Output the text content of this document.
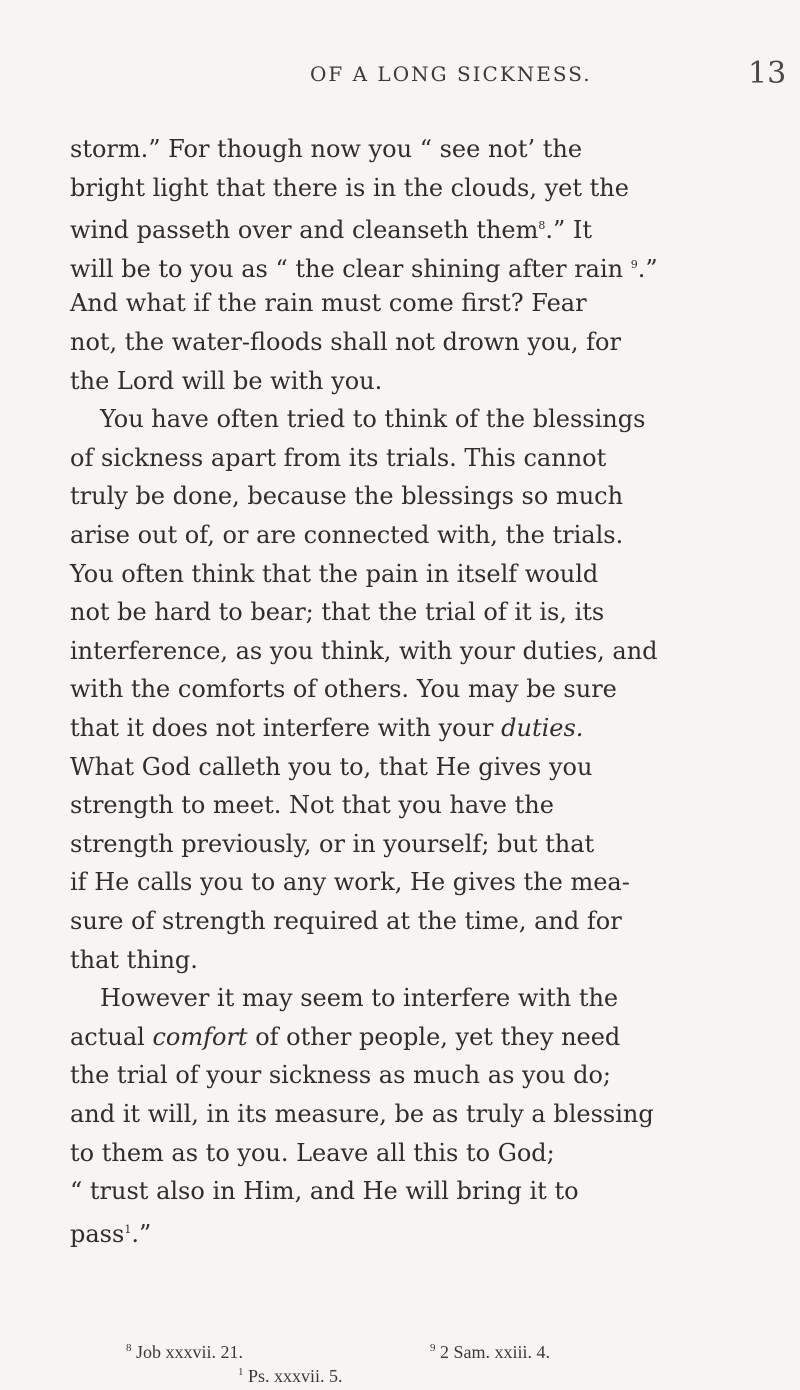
OF A LONG SICKNESS.	13
storm.” For though now you “ see not’ the
bright light that there is in the clouds, yet the
wind passeth over and cleanseth them$^8$.” It
will be to you as “ the clear shining after rain $^9$.”
And what if the rain must come first? Fear
not, the water-floods shall not drown you, for
the Lord will be with you.
You have often tried to think of the blessings
of sickness apart from its trials. This cannot
truly be done, because the blessings so much
arise out of, or are connected with, the trials.
You often think that the pain in itself would
not be hard to bear; that the trial of it is, its
interference, as you think, with your duties, and
with the comforts of others. You may be sure
that it does not interfere with your duties.
What God calleth you to, that He gives you
strength to meet. Not that you have the
strength previously, or in yourself; but that
if He calls you to any work, He gives the mea-
sure of strength required at the time, and for
that thing.
However it may seem to interfere with the
actual comfort of other people, yet they need
the trial of your sickness as much as you do;
and it will, in its measure, be as truly a blessing
to them as to you. Leave all this to God;
“ trust also in Him, and He will bring it to
pass$^1$.”
$^8$ Job xxxvii. 21.	$^9$ 2 Sam. xxiii. 4.
$^1$ Ps. xxxvii. 5.
